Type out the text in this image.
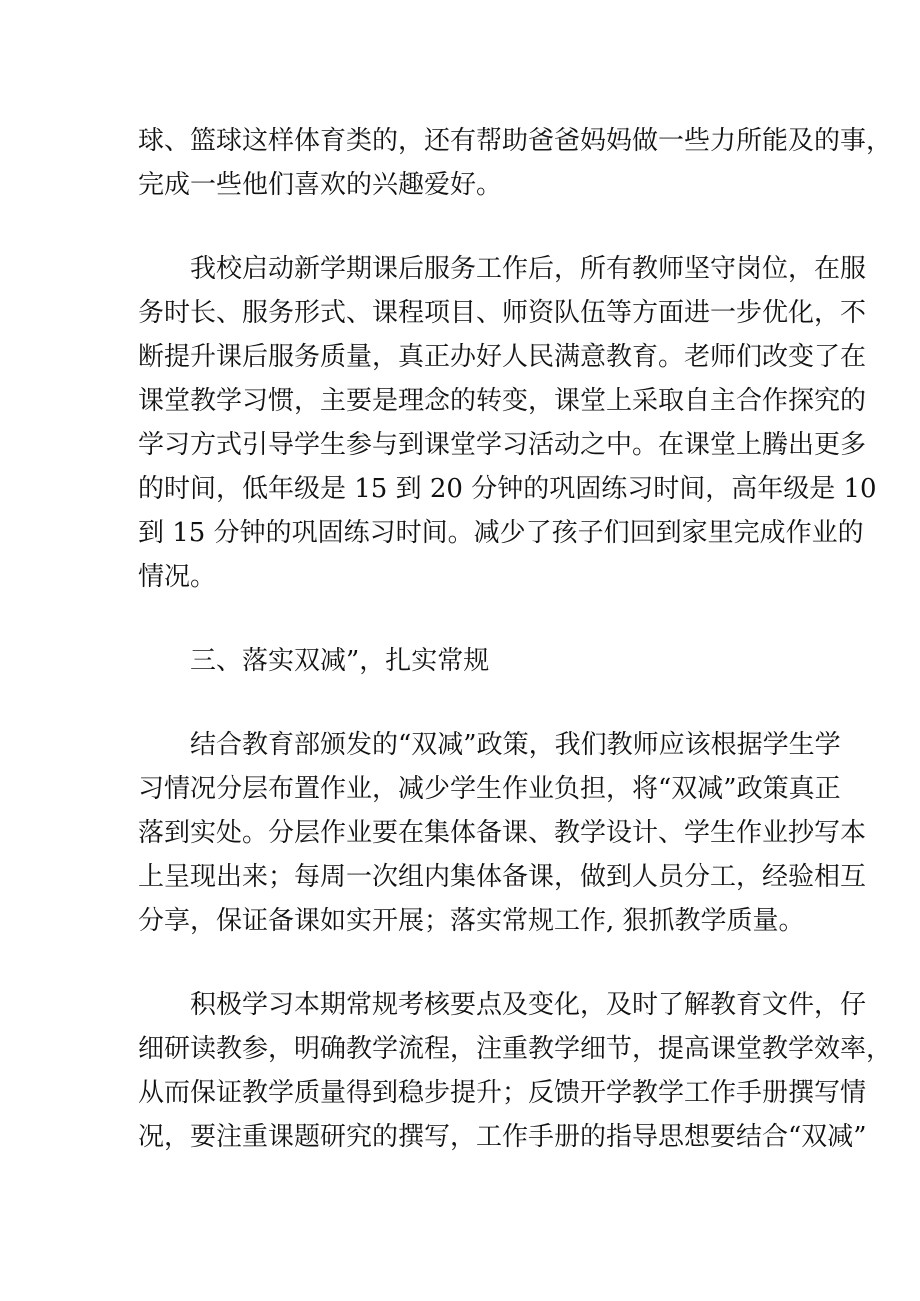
球、篮球这样体育类的，还有帮助爸爸妈妈做一些力所能及的事，
完成一些他们喜欢的兴趣爱好。
我校启动新学期课后服务工作后，所有教师坚守岗位，在服
务时长、服务形式、课程项目、师资队伍等方面进一步优化，不
断提升课后服务质量，真正办好人民满意教育。老师们改变了在
课堂教学习惯，主要是理念的转变，课堂上采取自主合作探究的
学习方式引导学生参与到课堂学习活动之中。在课堂上腾出更多
的时间，低年级是 15 到 20 分钟的巩固练习时间，高年级是 10
到 15 分钟的巩固练习时间。减少了孩子们回到家里完成作业的
情况。
三、落实双减”，扎实常规
结合教育部颁发的“双减”政策，我们教师应该根据学生学
习情况分层布置作业，减少学生作业负担，将“双减”政策真正
落到实处。分层作业要在集体备课、教学设计、学生作业抄写本
上呈现出来；每周一次组内集体备课，做到人员分工，经验相互
分享，保证备课如实开展；落实常规工作, 狠抓教学质量。
积极学习本期常规考核要点及变化，及时了解教育文件，仔
细研读教参，明确教学流程，注重教学细节，提高课堂教学效率，
从而保证教学质量得到稳步提升；反馈开学教学工作手册撰写情
况，要注重课题研究的撰写，工作手册的指导思想要结合“双减”
